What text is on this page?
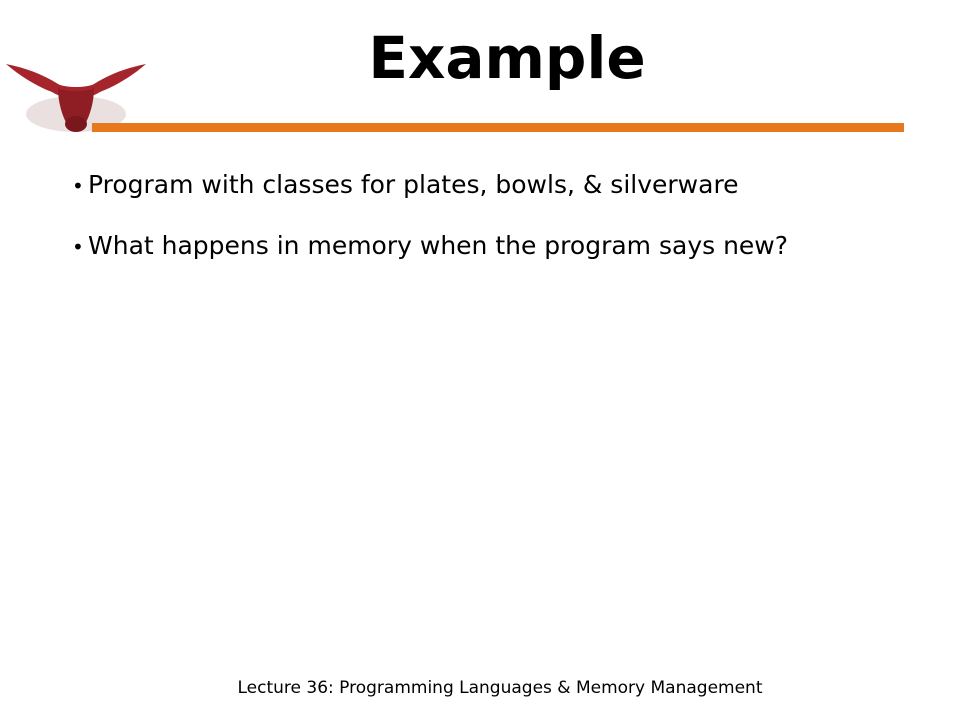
Example
• Program with classes for plates, bowls, & silverware
• What happens in memory when the program says new?

Lecture 36: Programming Languages & Memory Management
